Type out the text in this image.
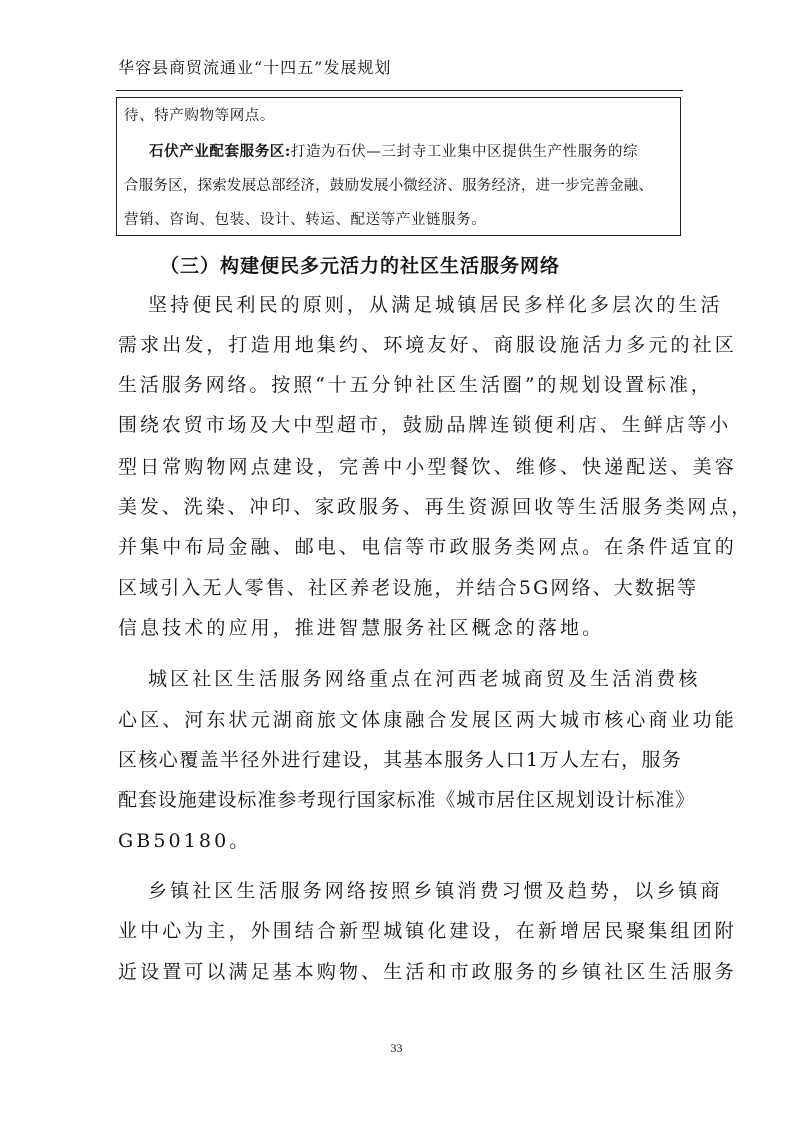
华容县商贸流通业“十四五”发展规划
待、特产购物等网点。
石伏产业配套服务区:打造为石伏—三封寺工业集中区提供生产性服务的综
合服务区，探索发展总部经济，鼓励发展小微经济、服务经济，进一步完善金融、
营销、咨询、包装、设计、转运、配送等产业链服务。
（三）构建便民多元活力的社区生活服务网络
坚持便民利民的原则，从满足城镇居民多样化多层次的生活
需求出发，打造用地集约、环境友好、商服设施活力多元的社区
生活服务网络。按照“十五分钟社区生活圈”的规划设置标准，
围绕农贸市场及大中型超市，鼓励品牌连锁便利店、生鲜店等小
型日常购物网点建设，完善中小型餐饮、维修、快递配送、美容
美发、洗染、冲印、家政服务、再生资源回收等生活服务类网点，
并集中布局金融、邮电、电信等市政服务类网点。在条件适宜的
区域引入无人零售、社区养老设施，并结合5G网络、大数据等
信息技术的应用，推进智慧服务社区概念的落地。
城区社区生活服务网络重点在河西老城商贸及生活消费核
心区、河东状元湖商旅文体康融合发展区两大城市核心商业功能
区核心覆盖半径外进行建设，其基本服务人口1万人左右，服务
配套设施建设标准参考现行国家标准《城市居住区规划设计标准》
GB50180。
乡镇社区生活服务网络按照乡镇消费习惯及趋势，以乡镇商
业中心为主，外围结合新型城镇化建设，在新增居民聚集组团附
近设置可以满足基本购物、生活和市政服务的乡镇社区生活服务
33
